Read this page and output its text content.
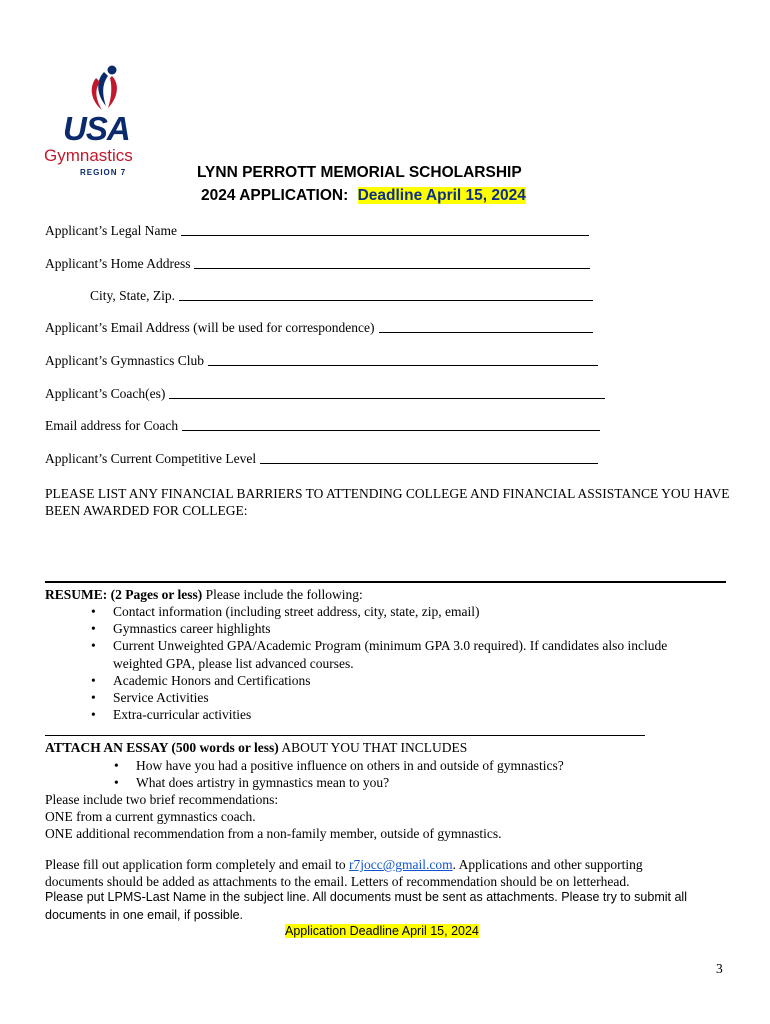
USA
Gymnastics
REGION 7	LYNN PERROTT MEMORIAL SCHOLARSHIP
2024 APPLICATION: Deadline April 15, 2024
Applicant’s Legal Name
Applicant’s Home Address
City, State, Zip.
Applicant’s Email Address (will be used for correspondence)
Applicant’s Gymnastics Club
Applicant’s Coach(es)
Email address for Coach
Applicant’s Current Competitive Level
PLEASE LIST ANY FINANCIAL BARRIERS TO ATTENDING COLLEGE AND FINANCIAL ASSISTANCE YOU HAVE BEEN AWARDED FOR COLLEGE:
RESUME: (2 Pages or less) Please include the following:
• Contact information (including street address, city, state, zip, email)
• Gymnastics career highlights
• Current Unweighted GPA/Academic Program (minimum GPA 3.0 required). If candidates also include weighted GPA, please list advanced courses.
• Academic Honors and Certifications
• Service Activities
• Extra-curricular activities
ATTACH AN ESSAY (500 words or less) ABOUT YOU THAT INCLUDES
• How have you had a positive influence on others in and outside of gymnastics?
• What does artistry in gymnastics mean to you?
Please include two brief recommendations:
ONE from a current gymnastics coach.
ONE additional recommendation from a non-family member, outside of gymnastics.
Please fill out application form completely and email to r7jocc@gmail.com. Applications and other supporting documents should be added as attachments to the email. Letters of recommendation should be on letterhead.
Please put LPMS-Last Name in the subject line. All documents must be sent as attachments. Please try to submit all documents in one email, if possible.
Application Deadline April 15, 2024
3
